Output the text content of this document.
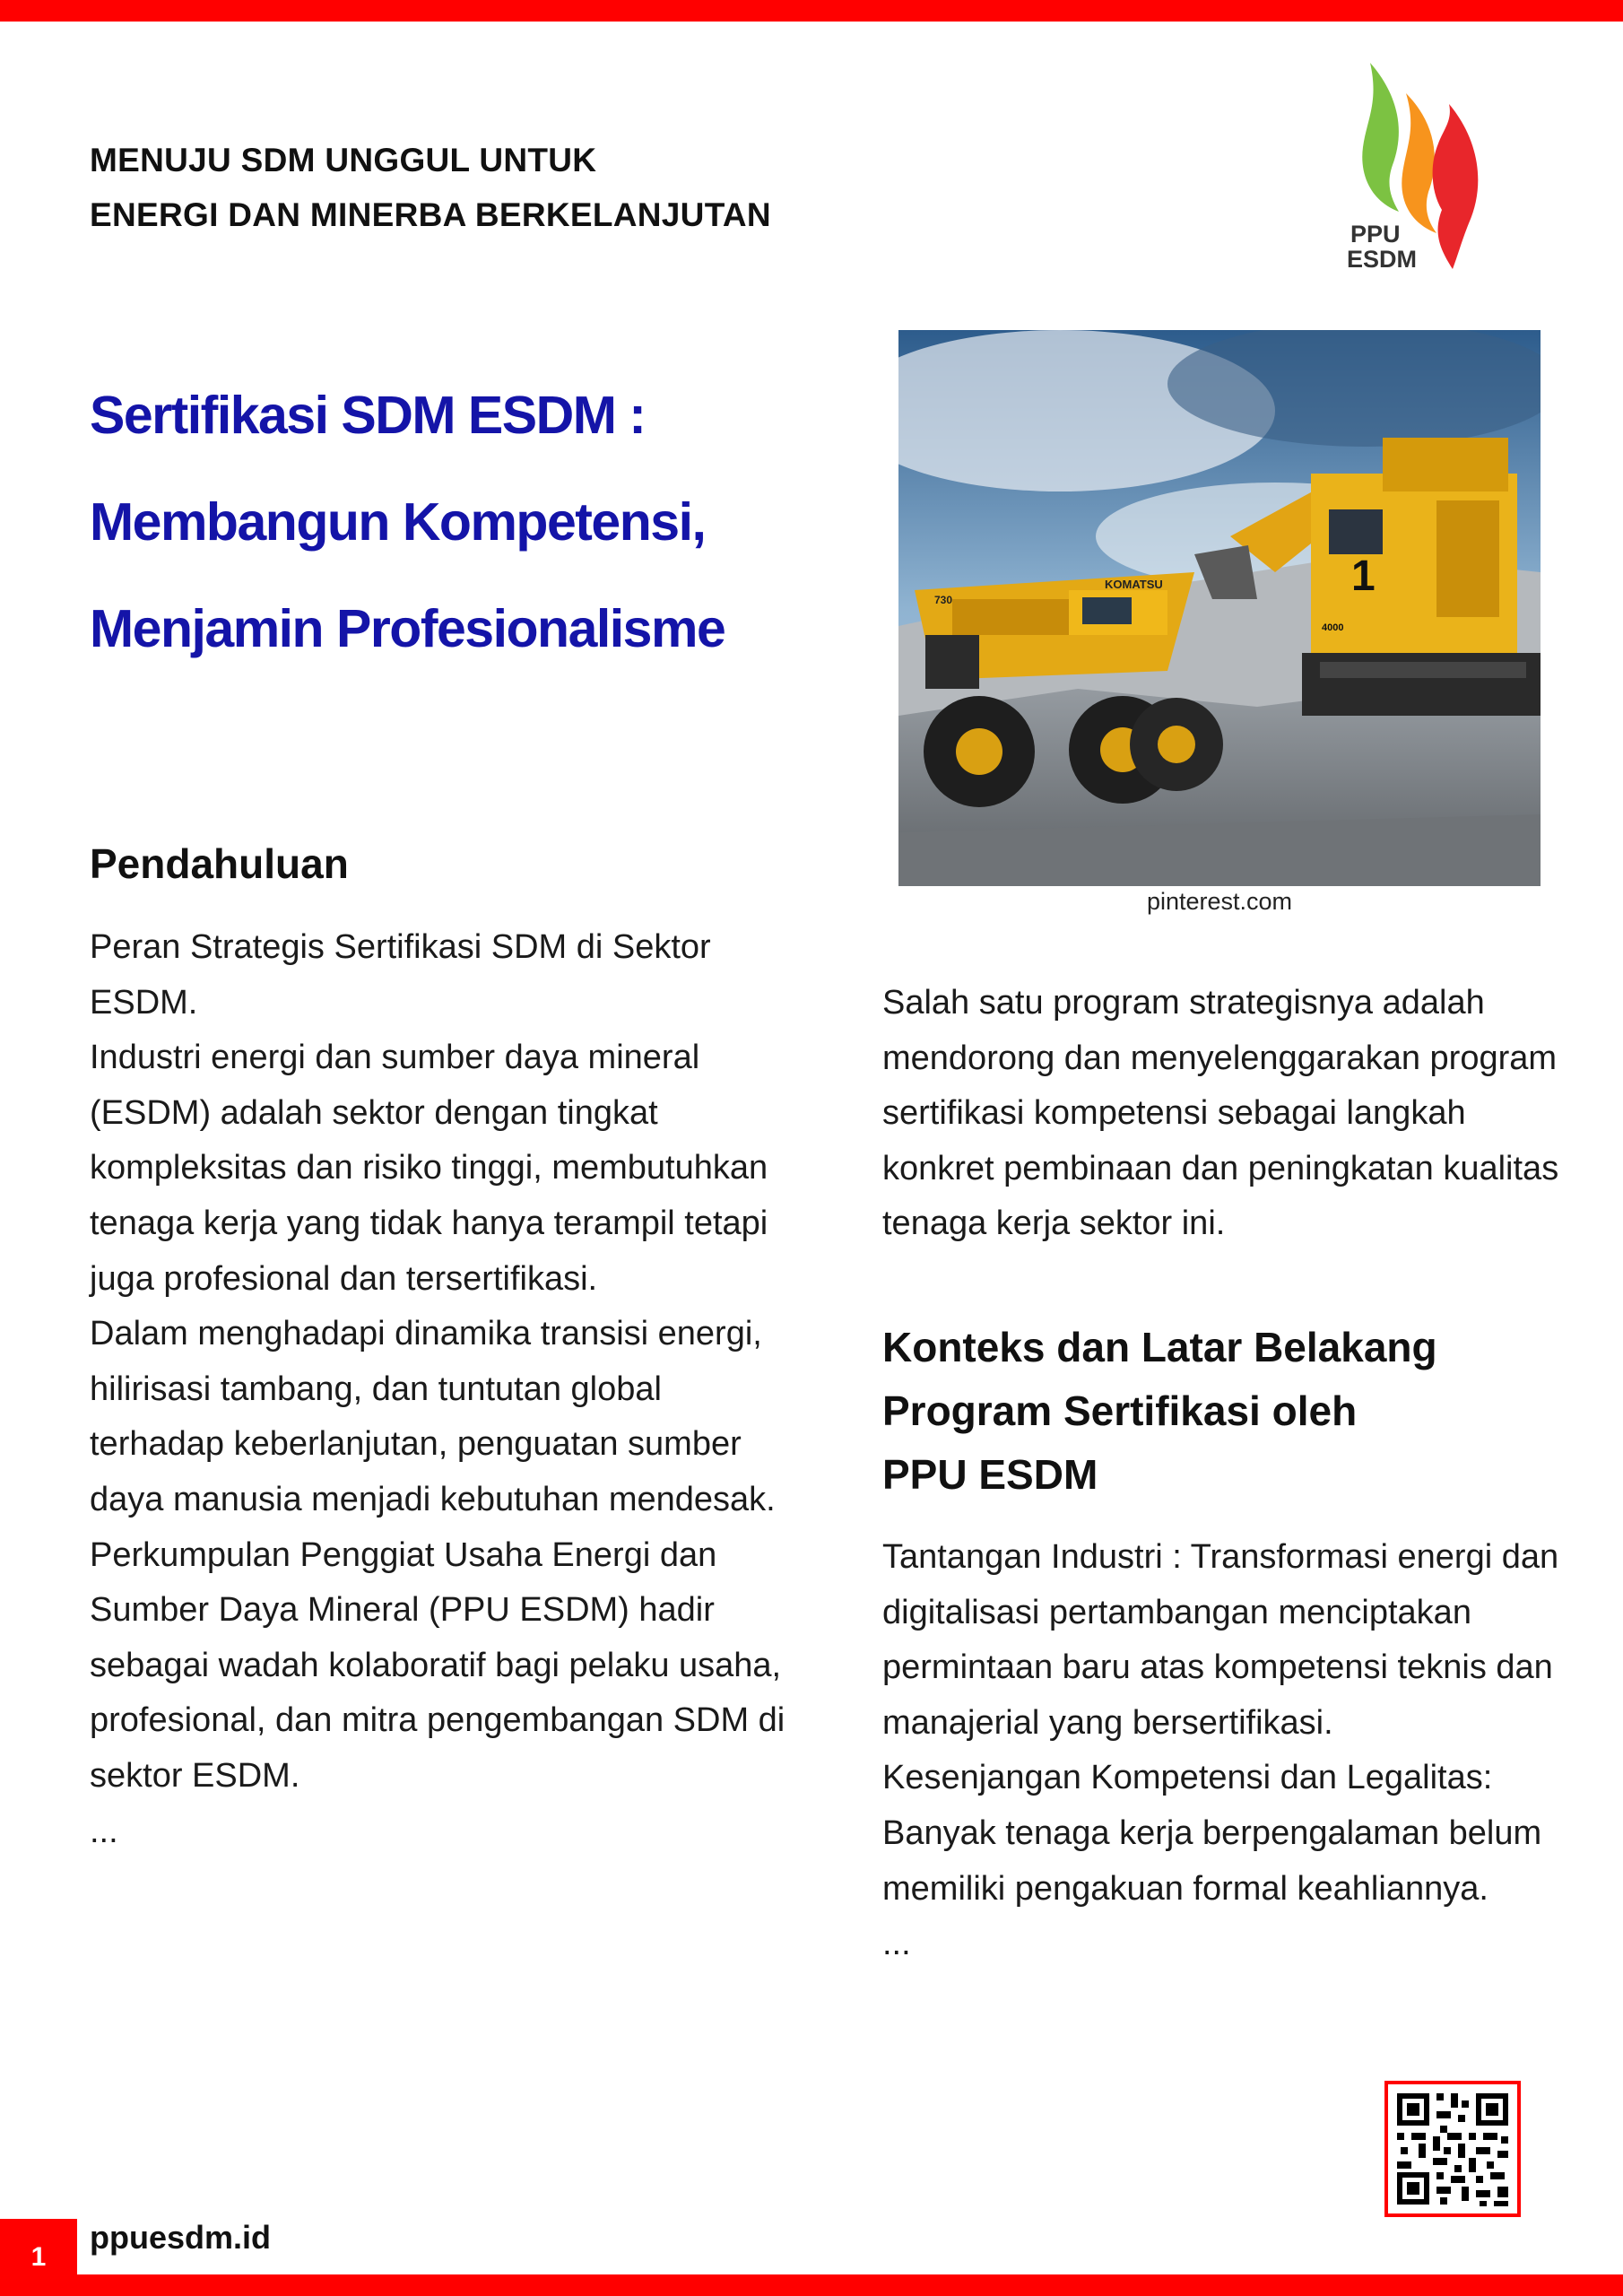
MENUJU SDM UNGGUL UNTUK
ENERGI DAN MINERBA BERKELANJUTAN
PPU
ESDM
Sertifikasi SDM ESDM :
Membangun Kompetensi,
Menjamin Profesionalisme
KOMATSU
730	1
4000
pinterest.com
Pendahuluan
Peran Strategis Sertifikasi SDM di Sektor ESDM.
Industri energi dan sumber daya mineral (ESDM) adalah sektor dengan tingkat kompleksitas dan risiko tinggi, membutuhkan tenaga kerja yang tidak hanya terampil tetapi juga profesional dan tersertifikasi.
Dalam menghadapi dinamika transisi energi, hilirisasi tambang, dan tuntutan global terhadap keberlanjutan, penguatan sumber daya manusia menjadi kebutuhan mendesak.
Perkumpulan Penggiat Usaha Energi dan Sumber Daya Mineral (PPU ESDM) hadir sebagai wadah kolaboratif bagi pelaku usaha, profesional, dan mitra pengembangan SDM di sektor ESDM.
...
Salah satu program strategisnya adalah mendorong dan menyelenggarakan program sertifikasi kompetensi sebagai langkah konkret pembinaan dan peningkatan kualitas tenaga kerja sektor ini.
Konteks dan Latar Belakang
Program Sertifikasi oleh
PPU ESDM
Tantangan Industri : Transformasi energi dan digitalisasi pertambangan menciptakan permintaan baru atas kompetensi teknis dan manajerial yang bersertifikasi.
Kesenjangan Kompetensi dan Legalitas: Banyak tenaga kerja berpengalaman belum memiliki pengakuan formal keahliannya.
...
1
ppuesdm.id
